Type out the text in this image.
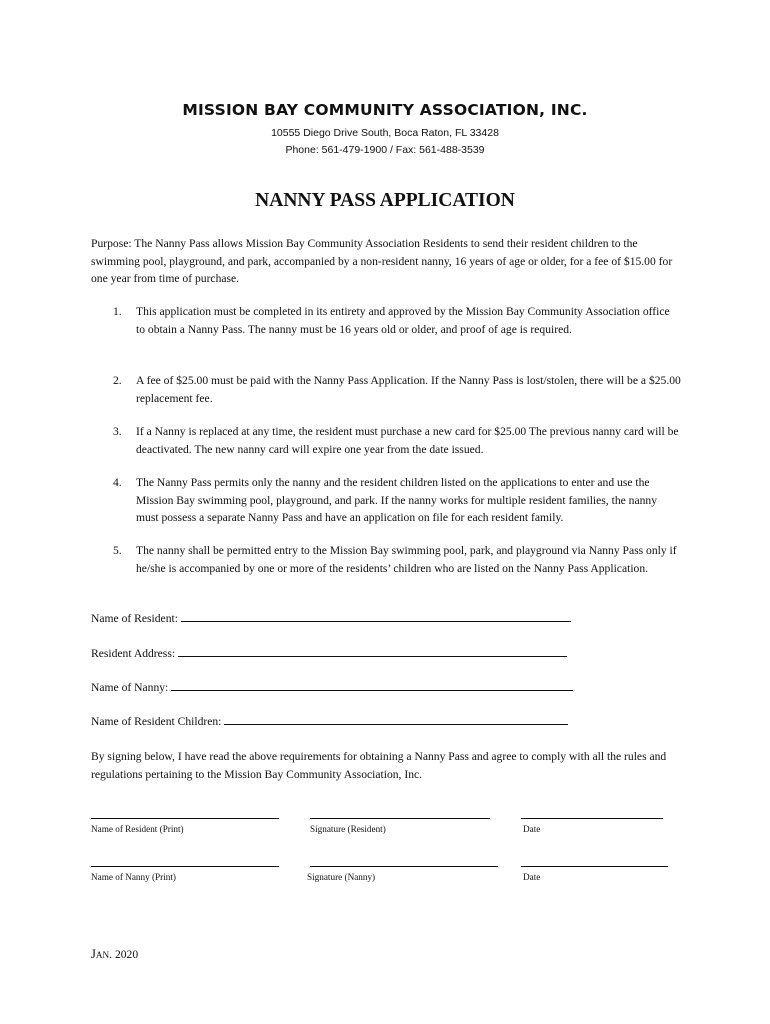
MISSION BAY COMMUNITY ASSOCIATION, INC.
10555 Diego Drive South, Boca Raton, FL 33428
Phone: 561-479-1900 / Fax: 561-488-3539
NANNY PASS APPLICATION
Purpose: The Nanny Pass allows Mission Bay Community Association Residents to send their resident children to the swimming pool, playground, and park, accompanied by a non-resident nanny, 16 years of age or older, for a fee of $15.00 for one year from time of purchase.
1. This application must be completed in its entirety and approved by the Mission Bay Community Association office to obtain a Nanny Pass. The nanny must be 16 years old or older, and proof of age is required.
2. A fee of $25.00 must be paid with the Nanny Pass Application. If the Nanny Pass is lost/stolen, there will be a $25.00 replacement fee.
3. If a Nanny is replaced at any time, the resident must purchase a new card for $25.00 The previous nanny card will be deactivated. The new nanny card will expire one year from the date issued.
4. The Nanny Pass permits only the nanny and the resident children listed on the applications to enter and use the Mission Bay swimming pool, playground, and park. If the nanny works for multiple resident families, the nanny must possess a separate Nanny Pass and have an application on file for each resident family.
5. The nanny shall be permitted entry to the Mission Bay swimming pool, park, and playground via Nanny Pass only if he/she is accompanied by one or more of the residents’ children who are listed on the Nanny Pass Application.
Name of Resident:
Resident Address:
Name of Nanny:
Name of Resident Children:
By signing below, I have read the above requirements for obtaining a Nanny Pass and agree to comply with all the rules and regulations pertaining to the Mission Bay Community Association, Inc.
Name of Resident (Print)	Signature (Resident)	Date
Name of Nanny (Print)	Signature (Nanny)	Date
JAN. 2020
